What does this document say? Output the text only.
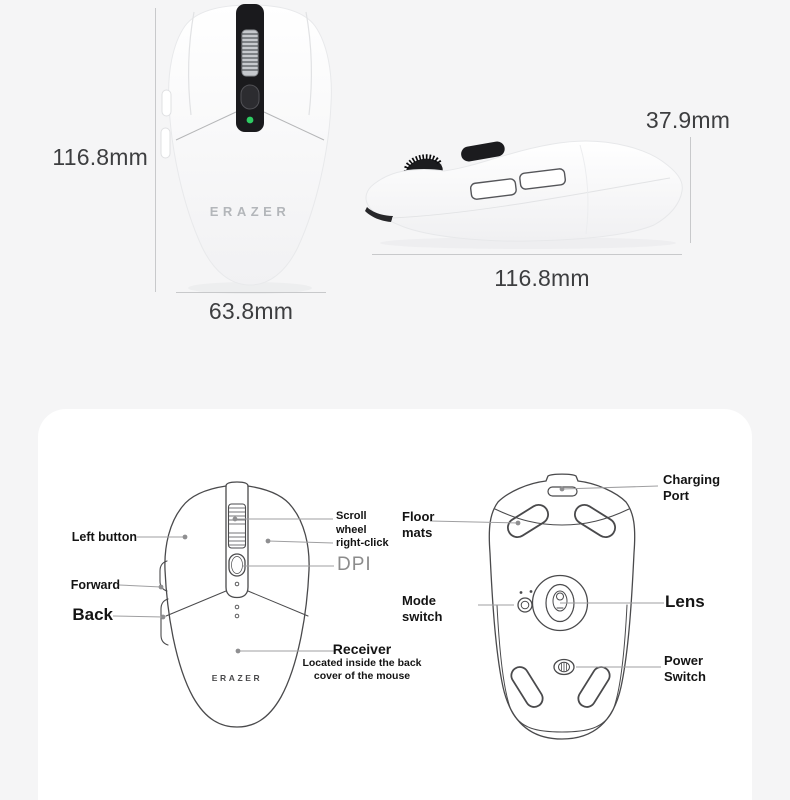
ERAZER
116.8mm
63.8mm
37.9mm
116.8mm
ERAZER
Left button
Scroll
wheel
right-click
DPI
Forward
Back
Receiver
Located inside the back
cover of the mouse
Charging
Port
Floor
mats
Mode
switch
Lens
Power
Switch
